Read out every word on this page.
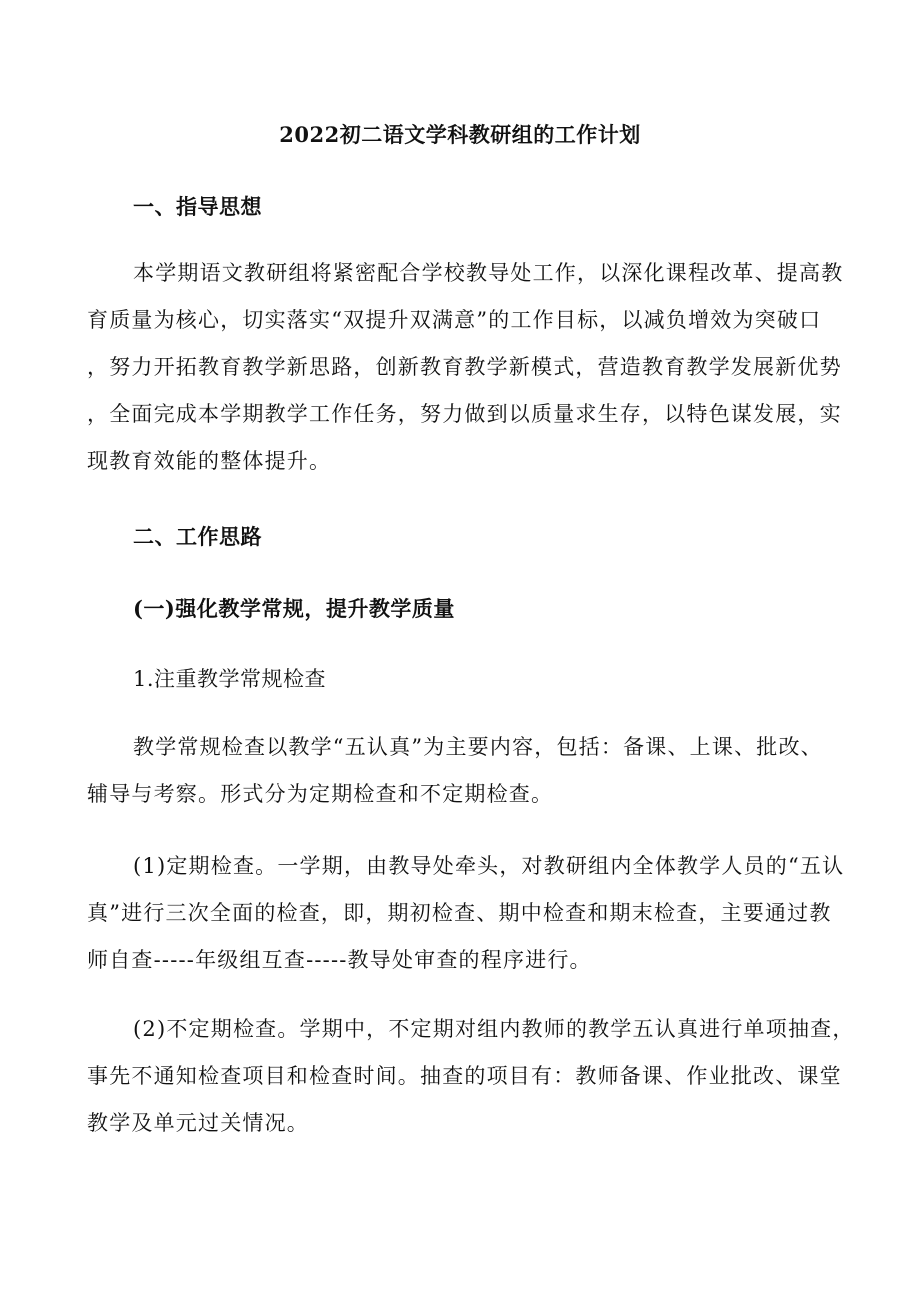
2022初二语文学科教研组的工作计划
一、指导思想
本学期语文教研组将紧密配合学校教导处工作，以深化课程改革、提高教
育质量为核心，切实落实“双提升双满意”的工作目标，以减负增效为突破口
，努力开拓教育教学新思路，创新教育教学新模式，营造教育教学发展新优势
，全面完成本学期教学工作任务，努力做到以质量求生存，以特色谋发展，实
现教育效能的整体提升。
二、工作思路
(一)强化教学常规，提升教学质量
1.注重教学常规检查
教学常规检查以教学“五认真”为主要内容，包括：备课、上课、批改、
辅导与考察。形式分为定期检查和不定期检查。
(1)定期检查。一学期，由教导处牵头，对教研组内全体教学人员的“五认
真”进行三次全面的检查，即，期初检查、期中检查和期末检查，主要通过教
师自查-----年级组互查-----教导处审查的程序进行。
(2)不定期检查。学期中，不定期对组内教师的教学五认真进行单项抽查，
事先不通知检查项目和检查时间。抽查的项目有：教师备课、作业批改、课堂
教学及单元过关情况。
